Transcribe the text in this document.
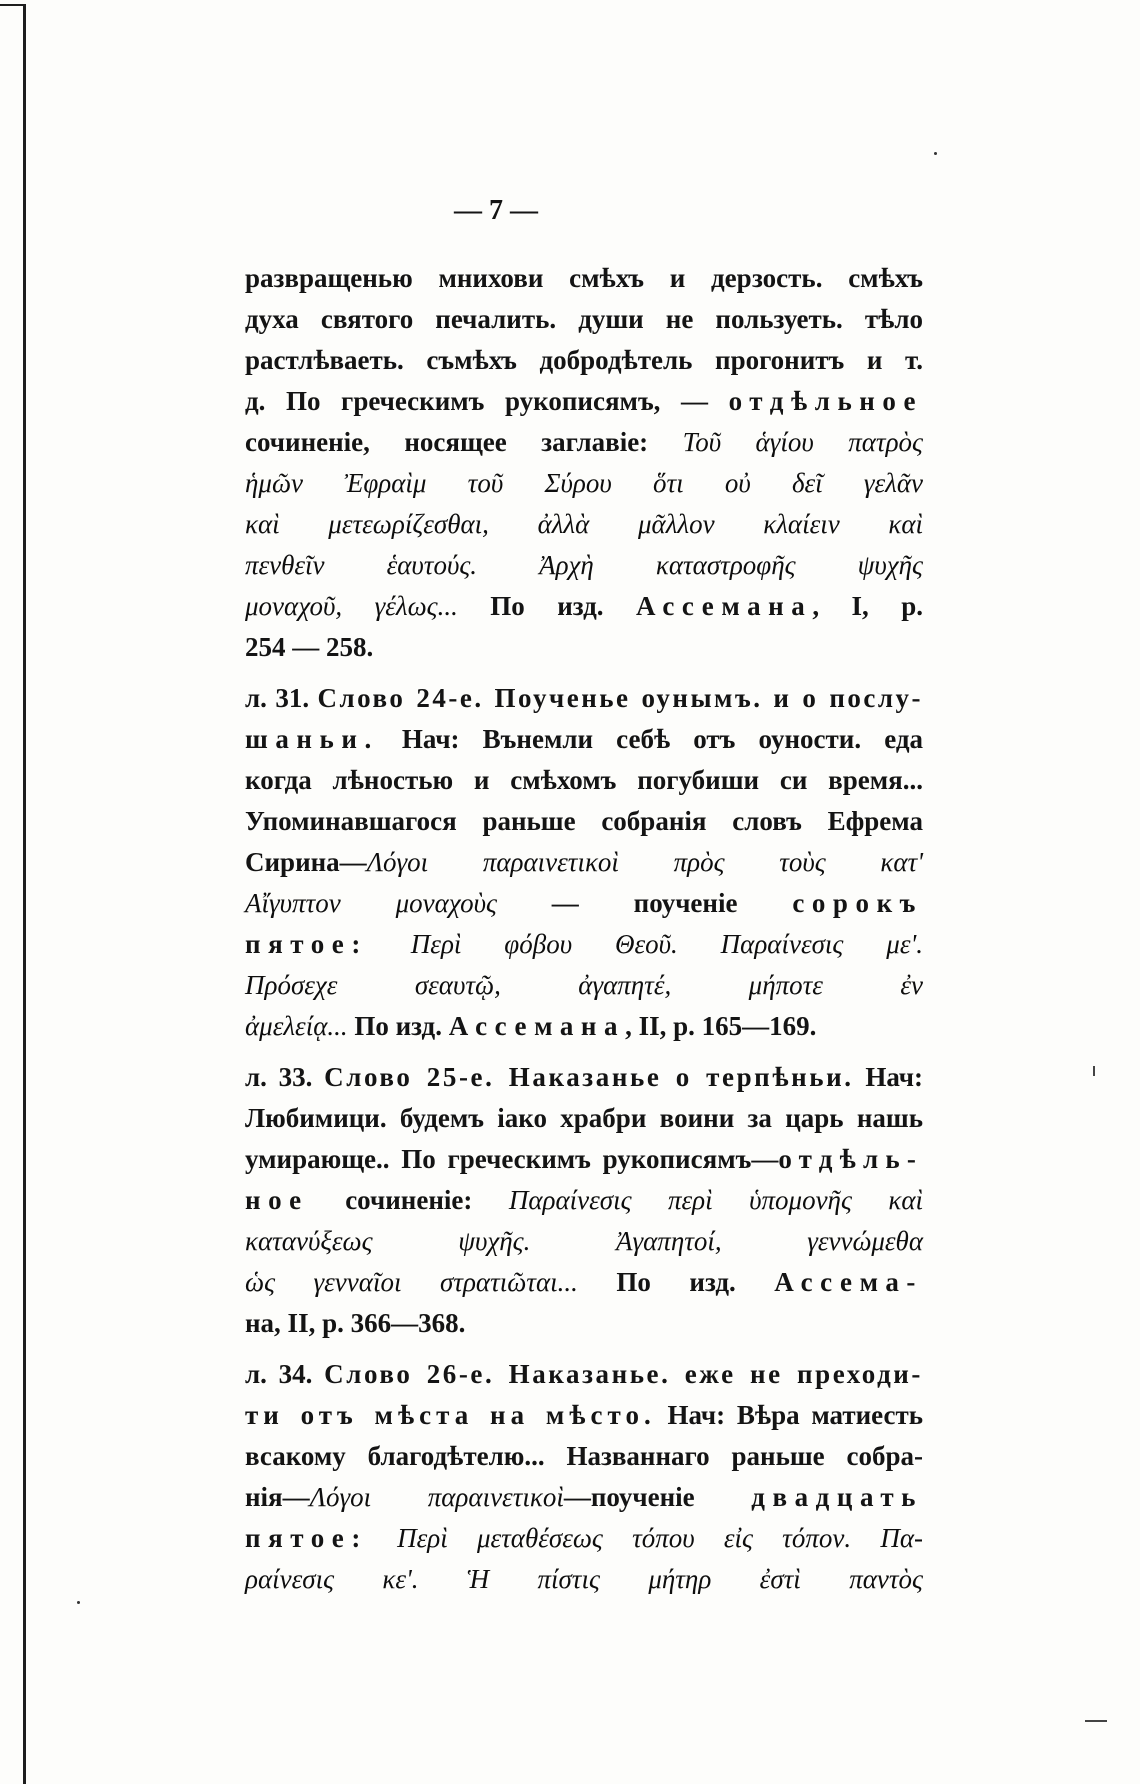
— 7 —
развращенью мнихови смѣхъ и дерзость. смѣхъ
духа святого печалить. души не пользуеть. тѣло
растлѣваеть. съмѣхъ добродѣтель прогонитъ и т.
д. По греческимъ рукописямъ, — отдѣльное
сочиненіе, носящее заглавіе: Τοῦ ἁγίου πατρὸς
ἡμῶν Ἐφραὶμ τοῦ Σύρου ὅτι οὐ δεῖ γελᾶν
καὶ μετεωρίζεσθαι, ἀλλὰ μᾶλλον κλαίειν καὶ
πενθεῖν ἑαυτούς. Ἀρχὴ καταστροφῆς ψυχῆς
μοναχοῦ, γέλως... По изд. Ассемана, I, p.
254 — 258.
л. 31. Слово 24-е. Поученье оунымъ. и о послу-
шаньи. Нач: Вънемли себѣ отъ оуности. еда
когда лѣностью и смѣхомъ погубиши си время...
Упоминавшагося раньше собранія словъ Ефрема
Сирина—Λόγοι παραινετικοὶ πρὸς τοὺς κατ'
Αἴγυπτον μοναχοὺς — поученіе сорокъ
пятое: Περὶ φόβου Θεοῦ. Παραίνεσις μεʹ.
Πρόσεχε σεαυτῷ, ἀγαπητέ, μήποτε ἐν
ἀμελείᾳ... По изд. Ассемана, II, p. 165—169.
л. 33. Слово 25-е. Наказанье о терпѣньи. Нач:
Любимици. будемъ іако храбри воини за царь нашь
умирающе.. По греческимъ рукописямъ—отдѣль-
ное сочиненіе: Παραίνεσις περὶ ὑπομονῆς καὶ
κατανύξεως ψυχῆς. Ἀγαπητοί, γεννώμεθα
ὡς γενναῖοι στρατιῶται... По изд. Ассема-
на, II, p. 366—368.
л. 34. Слово 26-е. Наказанье. еже не преходи-
ти отъ мѣста на мѣсто. Нач: Вѣра матиесть
всакому благодѣтелю... Названнаго раньше собра-
нія—Λόγοι παραινετικοὶ—поученіе двадцать
пятое: Περὶ μεταθέσεως τόπου εἰς τόπον. Πα-
ραίνεσις κεʹ. Ἡ πίστις μήτηρ ἐστὶ παντὸς
